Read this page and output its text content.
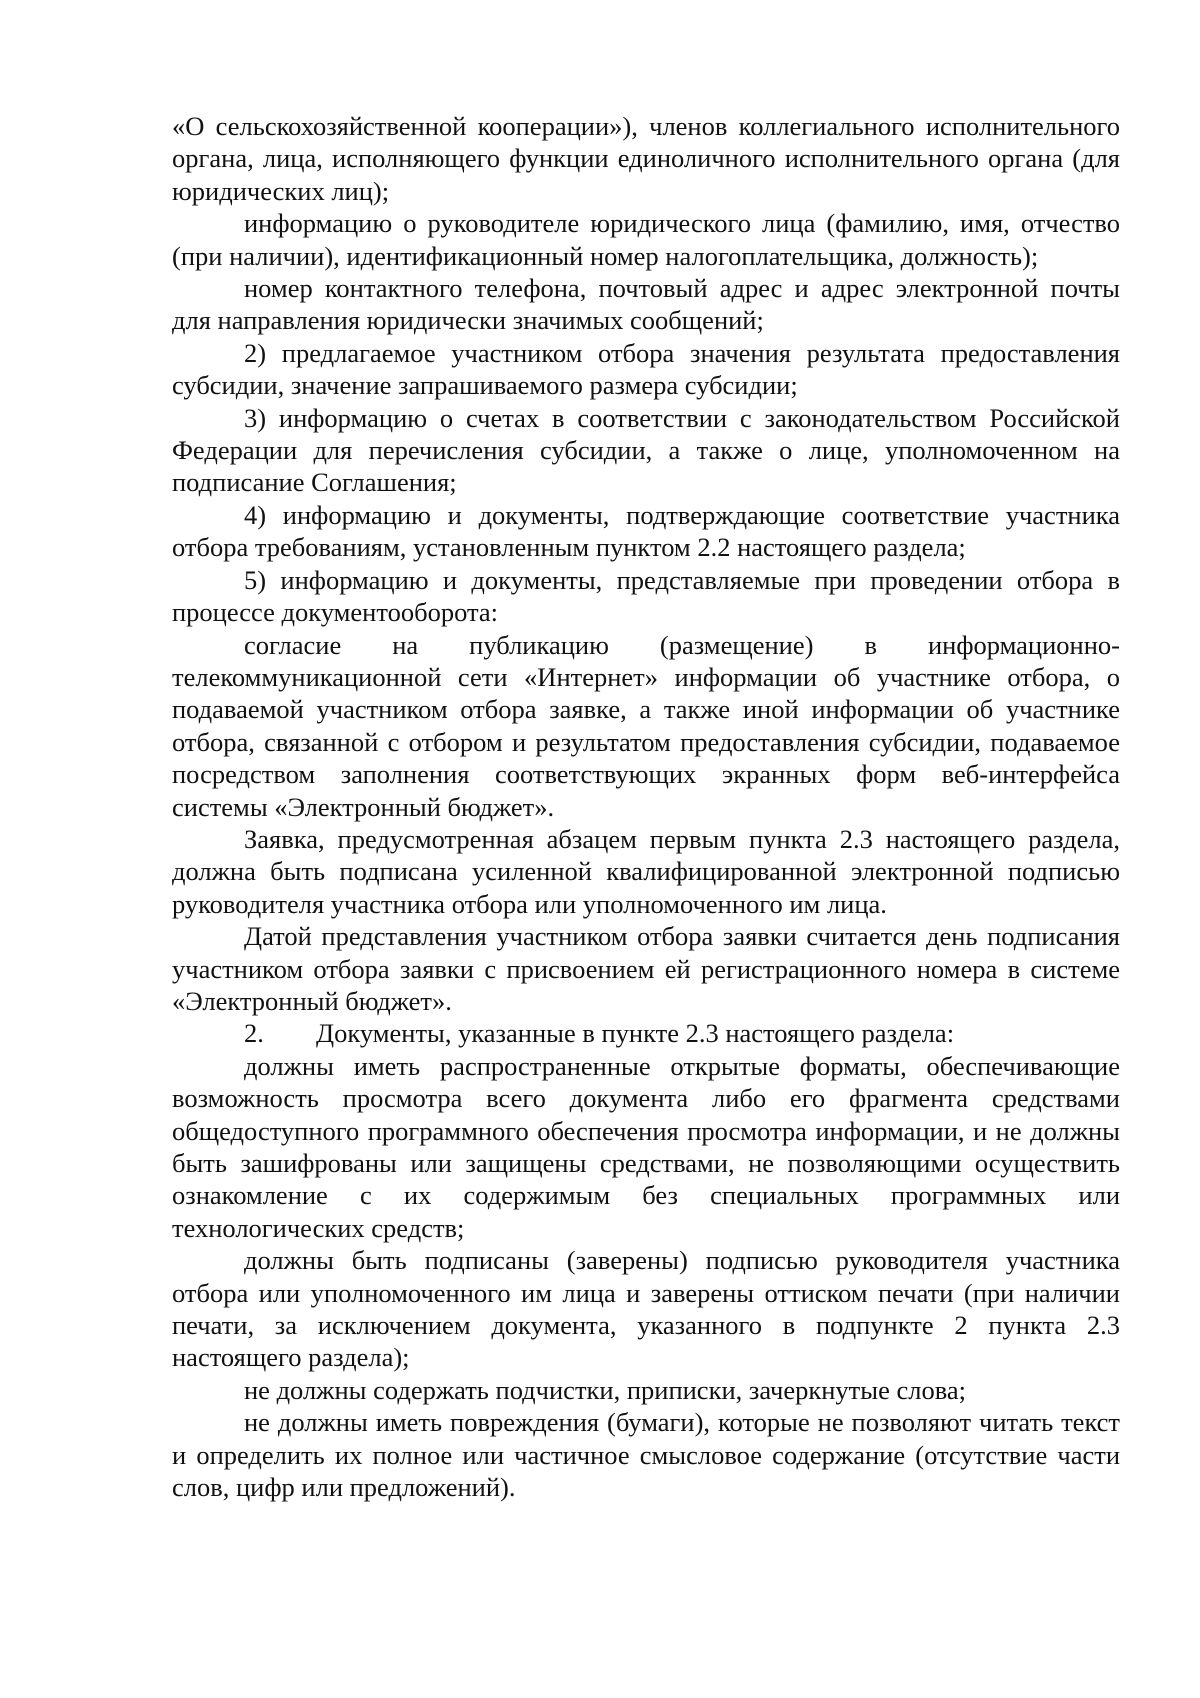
«О сельскохозяйственной кооперации»), членов коллегиального исполнительного органа, лица, исполняющего функции единоличного исполнительного органа (для юридических лиц);

информацию о руководителе юридического лица (фамилию, имя, отчество (при наличии), идентификационный номер налогоплательщика, должность);

номер контактного телефона, почтовый адрес и адрес электронной почты для направления юридически значимых сообщений;

2) предлагаемое участником отбора значения результата предоставления субсидии, значение запрашиваемого размера субсидии;

3) информацию о счетах в соответствии с законодательством Российской Федерации для перечисления субсидии, а также о лице, уполномоченном на подписание Соглашения;

4) информацию и документы, подтверждающие соответствие участника отбора требованиям, установленным пунктом 2.2 настоящего раздела;

5) информацию и документы, представляемые при проведении отбора в процессе документооборота:

согласие на публикацию (размещение) в информационно-телекоммуникационной сети «Интернет» информации об участнике отбора, о подаваемой участником отбора заявке, а также иной информации об участнике отбора, связанной с отбором и результатом предоставления субсидии, подаваемое посредством заполнения соответствующих экранных форм веб-интерфейса системы «Электронный бюджет».

Заявка, предусмотренная абзацем первым пункта 2.3 настоящего раздела, должна быть подписана усиленной квалифицированной электронной подписью руководителя участника отбора или уполномоченного им лица.

Датой представления участником отбора заявки считается день подписания участником отбора заявки с присвоением ей регистрационного номера в системе «Электронный бюджет».

2. Документы, указанные в пункте 2.3 настоящего раздела:

должны иметь распространенные открытые форматы, обеспечивающие возможность просмотра всего документа либо его фрагмента средствами общедоступного программного обеспечения просмотра информации, и не должны быть зашифрованы или защищены средствами, не позволяющими осуществить ознакомление с их содержимым без специальных программных или технологических средств;

должны быть подписаны (заверены) подписью руководителя участника отбора или уполномоченного им лица и заверены оттиском печати (при наличии печати, за исключением документа, указанного в подпункте 2 пункта 2.3 настоящего раздела);

не должны содержать подчистки, приписки, зачеркнутые слова;

не должны иметь повреждения (бумаги), которые не позволяют читать текст и определить их полное или частичное смысловое содержание (отсутствие части слов, цифр или предложений).
